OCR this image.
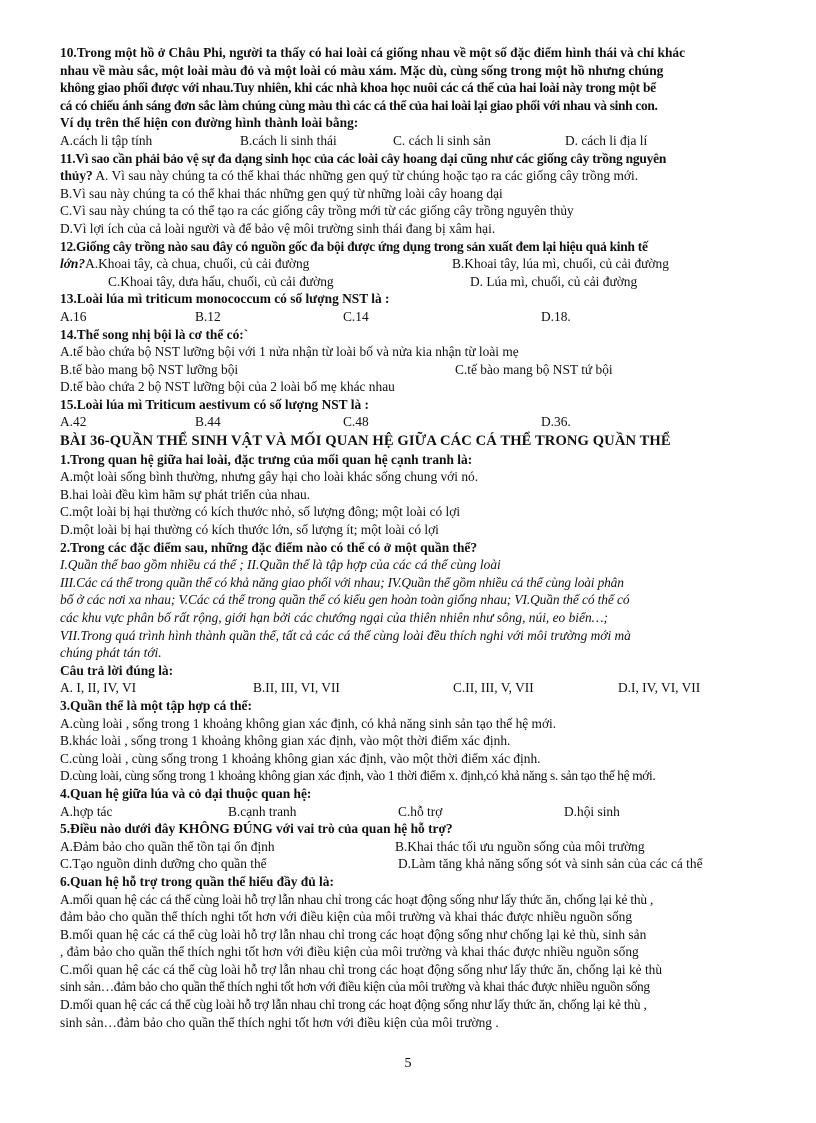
10.Trong một hồ ở Châu Phi, người ta thấy có hai loài cá giống nhau về một số đặc điểm hình thái và chỉ khác

nhau về màu sắc, một loài màu đỏ và một loài có màu xám. Mặc dù, cùng sống trong một hồ nhưng chúng

không giao phối được với nhau.Tuy nhiên, khi các nhà khoa học nuôi các cá thể của hai loài này trong một bể

cá có chiếu ánh sáng đơn sắc làm chúng cùng màu thì các cá thể của hai loài lại giao phối với nhau và sinh con.

Ví dụ trên thể hiện con đường hình thành loài bằng:

A.cách li tập tính	B.cách li sinh thái	C. cách li sinh sản	D. cách li địa lí

11.Vì sao cần phải bảo vệ sự đa dạng sinh học của các loài cây hoang dại cũng như các giống cây trồng nguyên

thủy? A. Vì sau này chúng ta có thể khai thác những gen quý từ chúng hoặc tạo ra các giống cây trồng mới.

B.Vì sau này chúng ta có thể khai thác những gen quý từ những loài cây hoang dại

C.Vì sau này chúng ta có thể tạo ra các giống cây trồng mới từ các giống cây trồng nguyên thủy

D.Vì lợi ích của cả loài người và để bảo vệ môi trường sinh thái đang bị xâm hại.

12.Giống cây trồng nào sau đây có nguồn gốc đa bội được ứng dụng trong sản xuất đem lại hiệu quả kinh tế

lớn?A.Khoai tây, cà chua, chuối, củ cải đường	B.Khoai tây, lúa mì, chuối, củ cải đường
C.Khoai tây, dưa hấu, chuối, củ cải đường	D. Lúa mì, chuối, củ cải đường

13.Loài lúa mì triticum monococcum có số lượng NST là :

A.16	B.12	C.14	D.18.

14.Thể song nhị bội là cơ thể có:`

A.tế bào chứa bộ NST lưỡng bội với 1 nửa nhận từ loài bố và nửa kia nhận từ loài mẹ

B.tế bào mang bộ NST lưỡng bội	C.tế bào mang bộ NST tứ bội

D.tế bào chứa 2 bộ NST lưỡng bội của 2 loài bố mẹ khác nhau

15.Loài lúa mì Triticum aestivum có số lượng NST là :

A.42	B.44	C.48	D.36.

BÀI 36-QUẦN THỂ SINH VẬT VÀ MỐI QUAN HỆ GIỮA CÁC CÁ THỂ TRONG QUẦN THỂ

1.Trong quan hệ giữa hai loài, đặc trưng của mối quan hệ cạnh tranh là:

A.một loài sống bình thường, nhưng gây hại cho loài khác sống chung với nó.

B.hai loài đều kìm hãm sự phát triển của nhau.

C.một loài bị hại thường có kích thước nhỏ, số lượng đông; một loài có lợi

D.một loài bị hại thường có kích thước lớn, số lượng ít; một loài có lợi

2.Trong các đặc điểm sau, những đặc điểm nào có thể có ở một quần thể?

I.Quần thể bao gồm nhiều cá thể ; II.Quần thể là tập hợp của các cá thể cùng loài

III.Các cá thể trong quần thể có khả năng giao phối với nhau; IV.Quần thể gồm nhiều cá thể cùng loài phân

bố ở các nơi xa nhau; V.Các cá thể trong quần thể có kiểu gen hoàn toàn giống nhau; VI.Quần thể có thể có

các khu vực phân bố rất rộng, giới hạn bởi các chướng ngại của thiên nhiên như sông, núi, eo biển…;

VII.Trong quá trình hình thành quần thể, tất cả các cá thể cùng loài đều thích nghi với môi trường mới mà

chúng phát tán tới.

Câu trả lời đúng là:

A. I, II, IV, VI	B.II, III, VI, VII	C.II, III, V, VII	D.I, IV, VI, VII

3.Quần thể là một tập hợp cá thể:

A.cùng loài , sống trong 1 khoảng không gian xác định, có khả năng sinh sản tạo thế hệ mới.

B.khác loài , sống trong 1 khoảng không gian xác định, vào một thời điểm xác định.

C.cùng loài , cùng sống trong 1 khoảng không gian xác định, vào một thời điểm xác định.

D.cùng loài, cùng sống trong 1 khoảng không gian xác định, vào 1 thời điểm x. định,có khả năng s. sản tạo thế hệ mới.

4.Quan hệ giữa lúa và cỏ dại thuộc quan hệ:

A.hợp tác	B.cạnh tranh	C.hỗ trợ	D.hội sinh

5.Điều nào dưới đây KHÔNG ĐÚNG với vai trò của quan hệ hỗ trợ?

A.Đảm bảo cho quần thể tồn tại ổn định	B.Khai thác tối ưu nguồn sống của môi trường
C.Tạo nguồn dinh dưỡng cho quần thể	D.Làm tăng khả năng sống sót và sinh sản của các cá thể

6.Quan hệ hỗ trợ trong quần thể hiểu đầy đủ là:

A.mối quan hệ các cá thể cùng loài hỗ trợ lẫn nhau chỉ trong các hoạt động sống như lấy thức ăn, chống lại kẻ thù ,

đảm bảo cho quần thể thích nghi tốt hơn với điều kiện của môi trường và khai thác được nhiều nguồn sống

B.mối quan hệ các cá thể cùg loài hỗ trợ lẫn nhau chỉ trong các hoạt động sống như chống lại kẻ thù, sinh sản

, đảm bảo cho quần thể thích nghi tốt hơn với điều kiện của môi trường và khai thác được nhiều nguồn sống

C.mối quan hệ các cá thể cùg loài hỗ trợ lẫn nhau chỉ trong các hoạt động sống như lấy thức ăn, chống lại kẻ thù

sinh sản…đảm bảo cho quần thể thích nghi tốt hơn với điều kiện của môi trường và khai thác được nhiều nguồn sống

D.mối quan hệ các cá thể cùg loài hỗ trợ lẫn nhau chỉ trong các hoạt động sống như lấy thức ăn, chống lại kẻ thù ,

sinh sản…đảm bảo cho quần thể thích nghi tốt hơn với điều kiện của môi trường .

5
